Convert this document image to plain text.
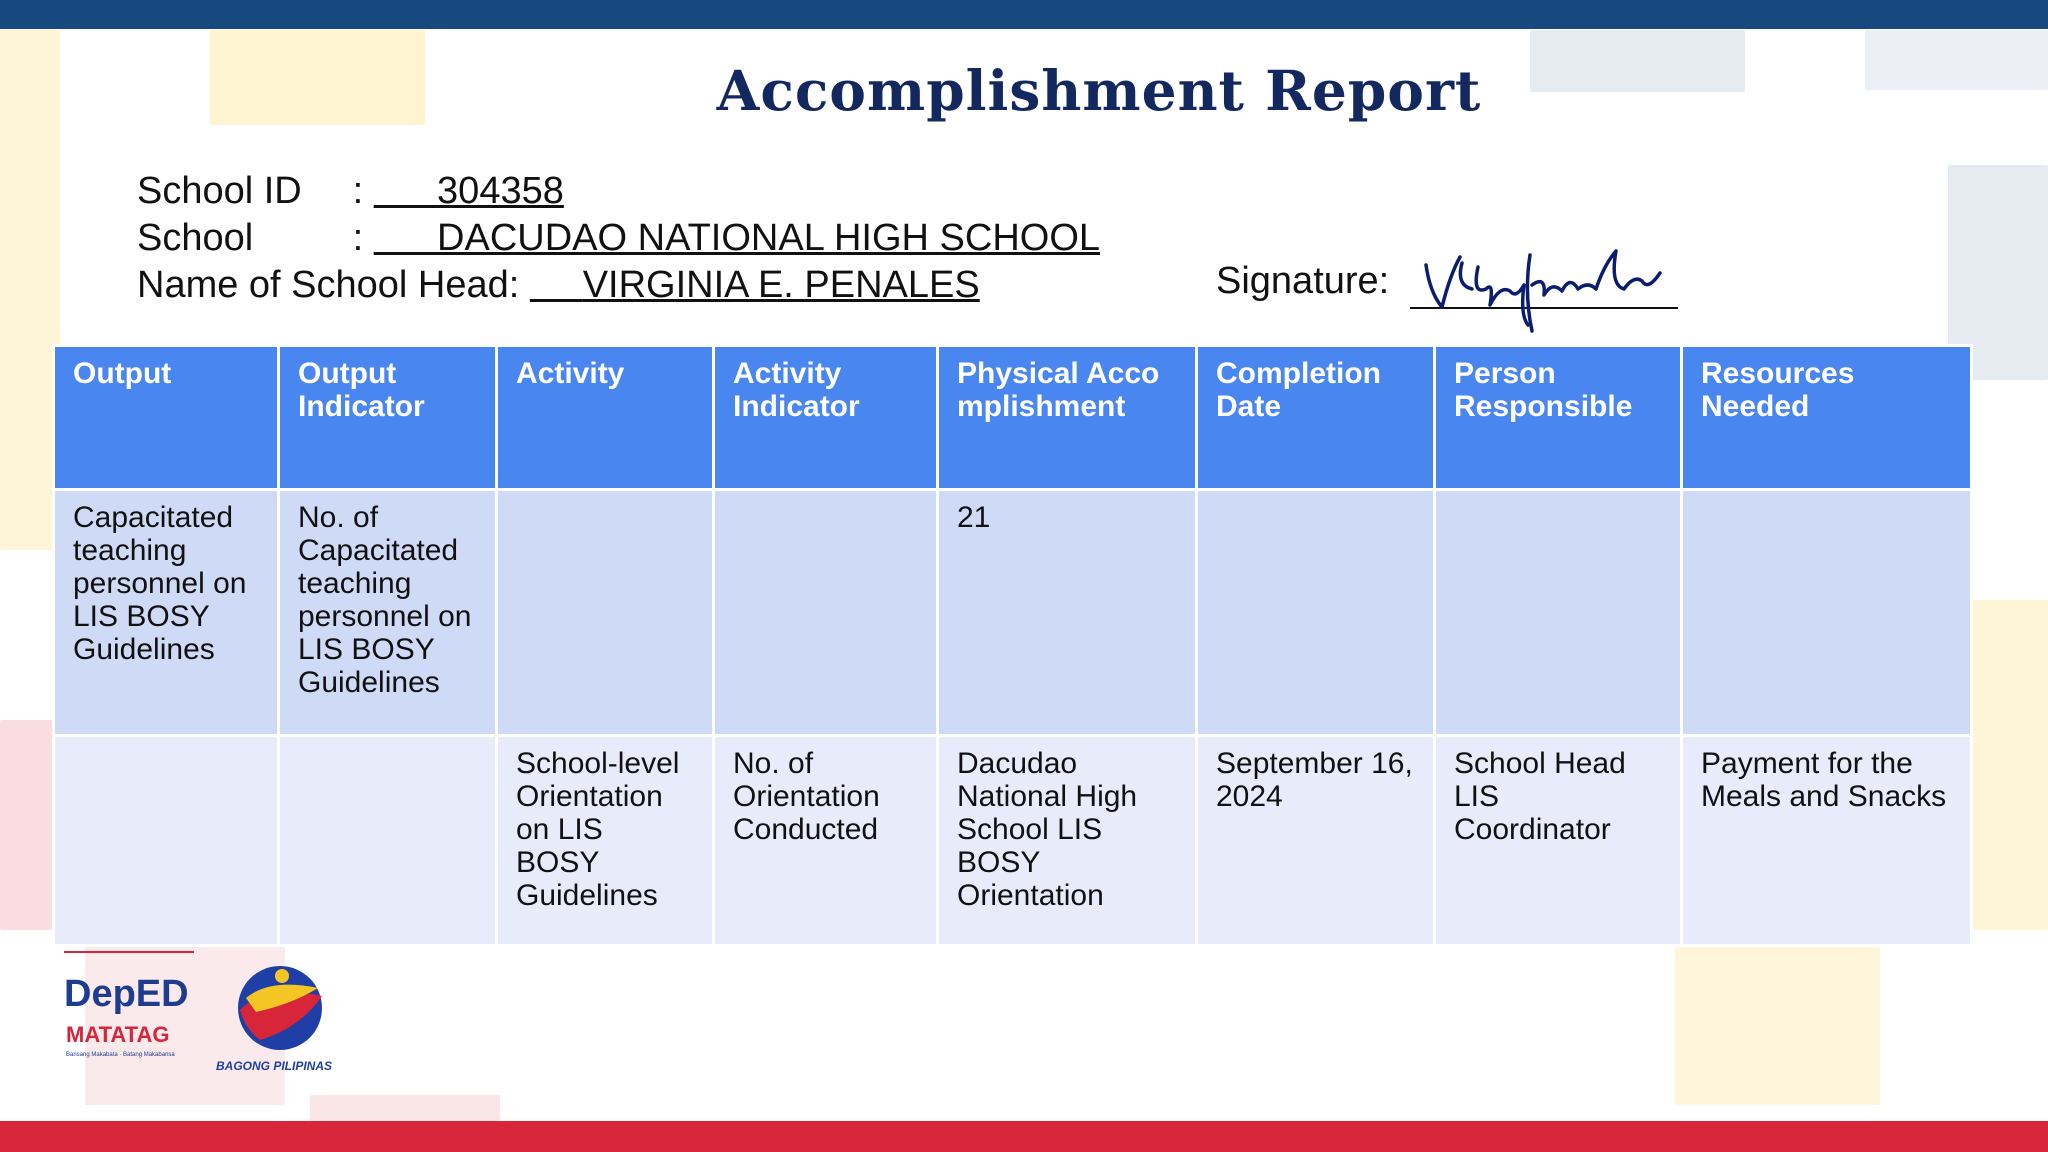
Accomplishment Report
School ID : 304358
School	: DACUDAO NATIONAL HIGH SCHOOL
Name of School Head: VIRGINIA E. PENALES	Signature:
Output	Output Indicator	Activity	Activity Indicator	Physical Accomplishment	Completion Date	Person Responsible	Resources Needed
Capacitated teaching personnel on LIS BOSY Guidelines	No. of Capacitated teaching personnel on LIS BOSY Guidelines			21			
		School-level Orientation on LIS BOSY Guidelines	No. of Orientation Conducted	Dacudao National High School LIS BOSY Orientation	September 16, 2024	School Head LIS Coordinator	Payment for the Meals and Snacks
DepED
MATATAG
Bansang Makabata · Batang Makabansa
BAGONG PILIPINAS
